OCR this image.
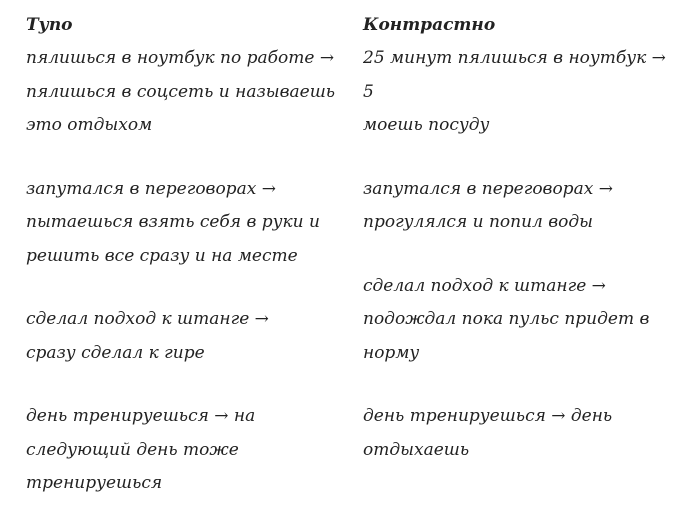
Тупо
пялишься в ноутбук по работе →
пялишься в соцсеть и называешь
это отдыхом
запутался в переговорах →
пытаешься взять себя в руки и
решить все сразу и на месте
сделал подход к штанге →
сразу сделал к гире
день тренируешься → на
следующий день тоже
тренируешься
Контрастно
25 минут пялишься в ноутбук → 5
моешь посуду
запутался в переговорах →
прогулялся и попил воды
сделал подход к штанге →
подождал пока пульс придет в
норму
день тренируешься → день
отдыхаешь
